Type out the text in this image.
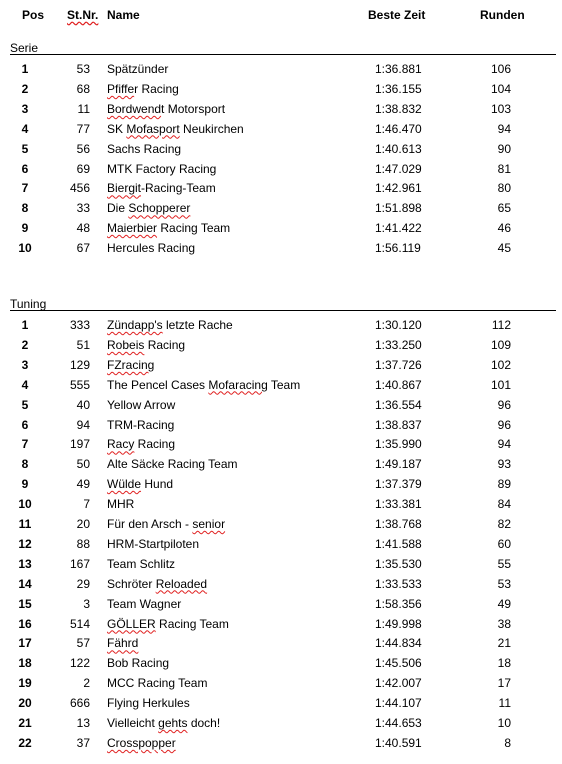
Pos St.Nr. Name	Beste Zeit	Runden
Serie
1	53 Spätzünder	1:36.881	106
2	68 Pfiffer Racing	1:36.155	104
3	11 Bordwendt Motorsport	1:38.832	103
4	77 SK Mofasport Neukirchen	1:46.470	94
5	56 Sachs Racing	1:40.613	90
6	69 MTK Factory Racing	1:47.029	81
7	456 Biergit-Racing-Team	1:42.961	80
8	33 Die Schopperer	1:51.898	65
9	48 Maierbier Racing Team	1:41.422	46
10	67 Hercules Racing	1:56.119	45
Tuning
1	333 Zündapp's letzte Rache	1:30.120	112
2	51 Robeis Racing	1:33.250	109
3	129 FZracing	1:37.726	102
4	555 The Pencel Cases Mofaracing Team	1:40.867	101
5	40 Yellow Arrow	1:36.554	96
6	94 TRM-Racing	1:38.837	96
7	197 Racy Racing	1:35.990	94
8	50 Alte Säcke Racing Team	1:49.187	93
9	49 Wülde Hund	1:37.379	89
10	7 MHR	1:33.381	84
11	20 Für den Arsch - senior	1:38.768	82
12	88 HRM-Startpiloten	1:41.588	60
13	167 Team Schlitz	1:35.530	55
14	29 Schröter Reloaded	1:33.533	53
15	3 Team Wagner	1:58.356	49
16	514 GÖLLER Racing Team	1:49.998	38
17	57 Fährd	1:44.834	21
18	122 Bob Racing	1:45.506	18
19	2 MCC Racing Team	1:42.007	17
20	666 Flying Herkules	1:44.107	11
21	13 Vielleicht gehts doch!	1:44.653	10
22	37 Crosspopper	1:40.591	8
